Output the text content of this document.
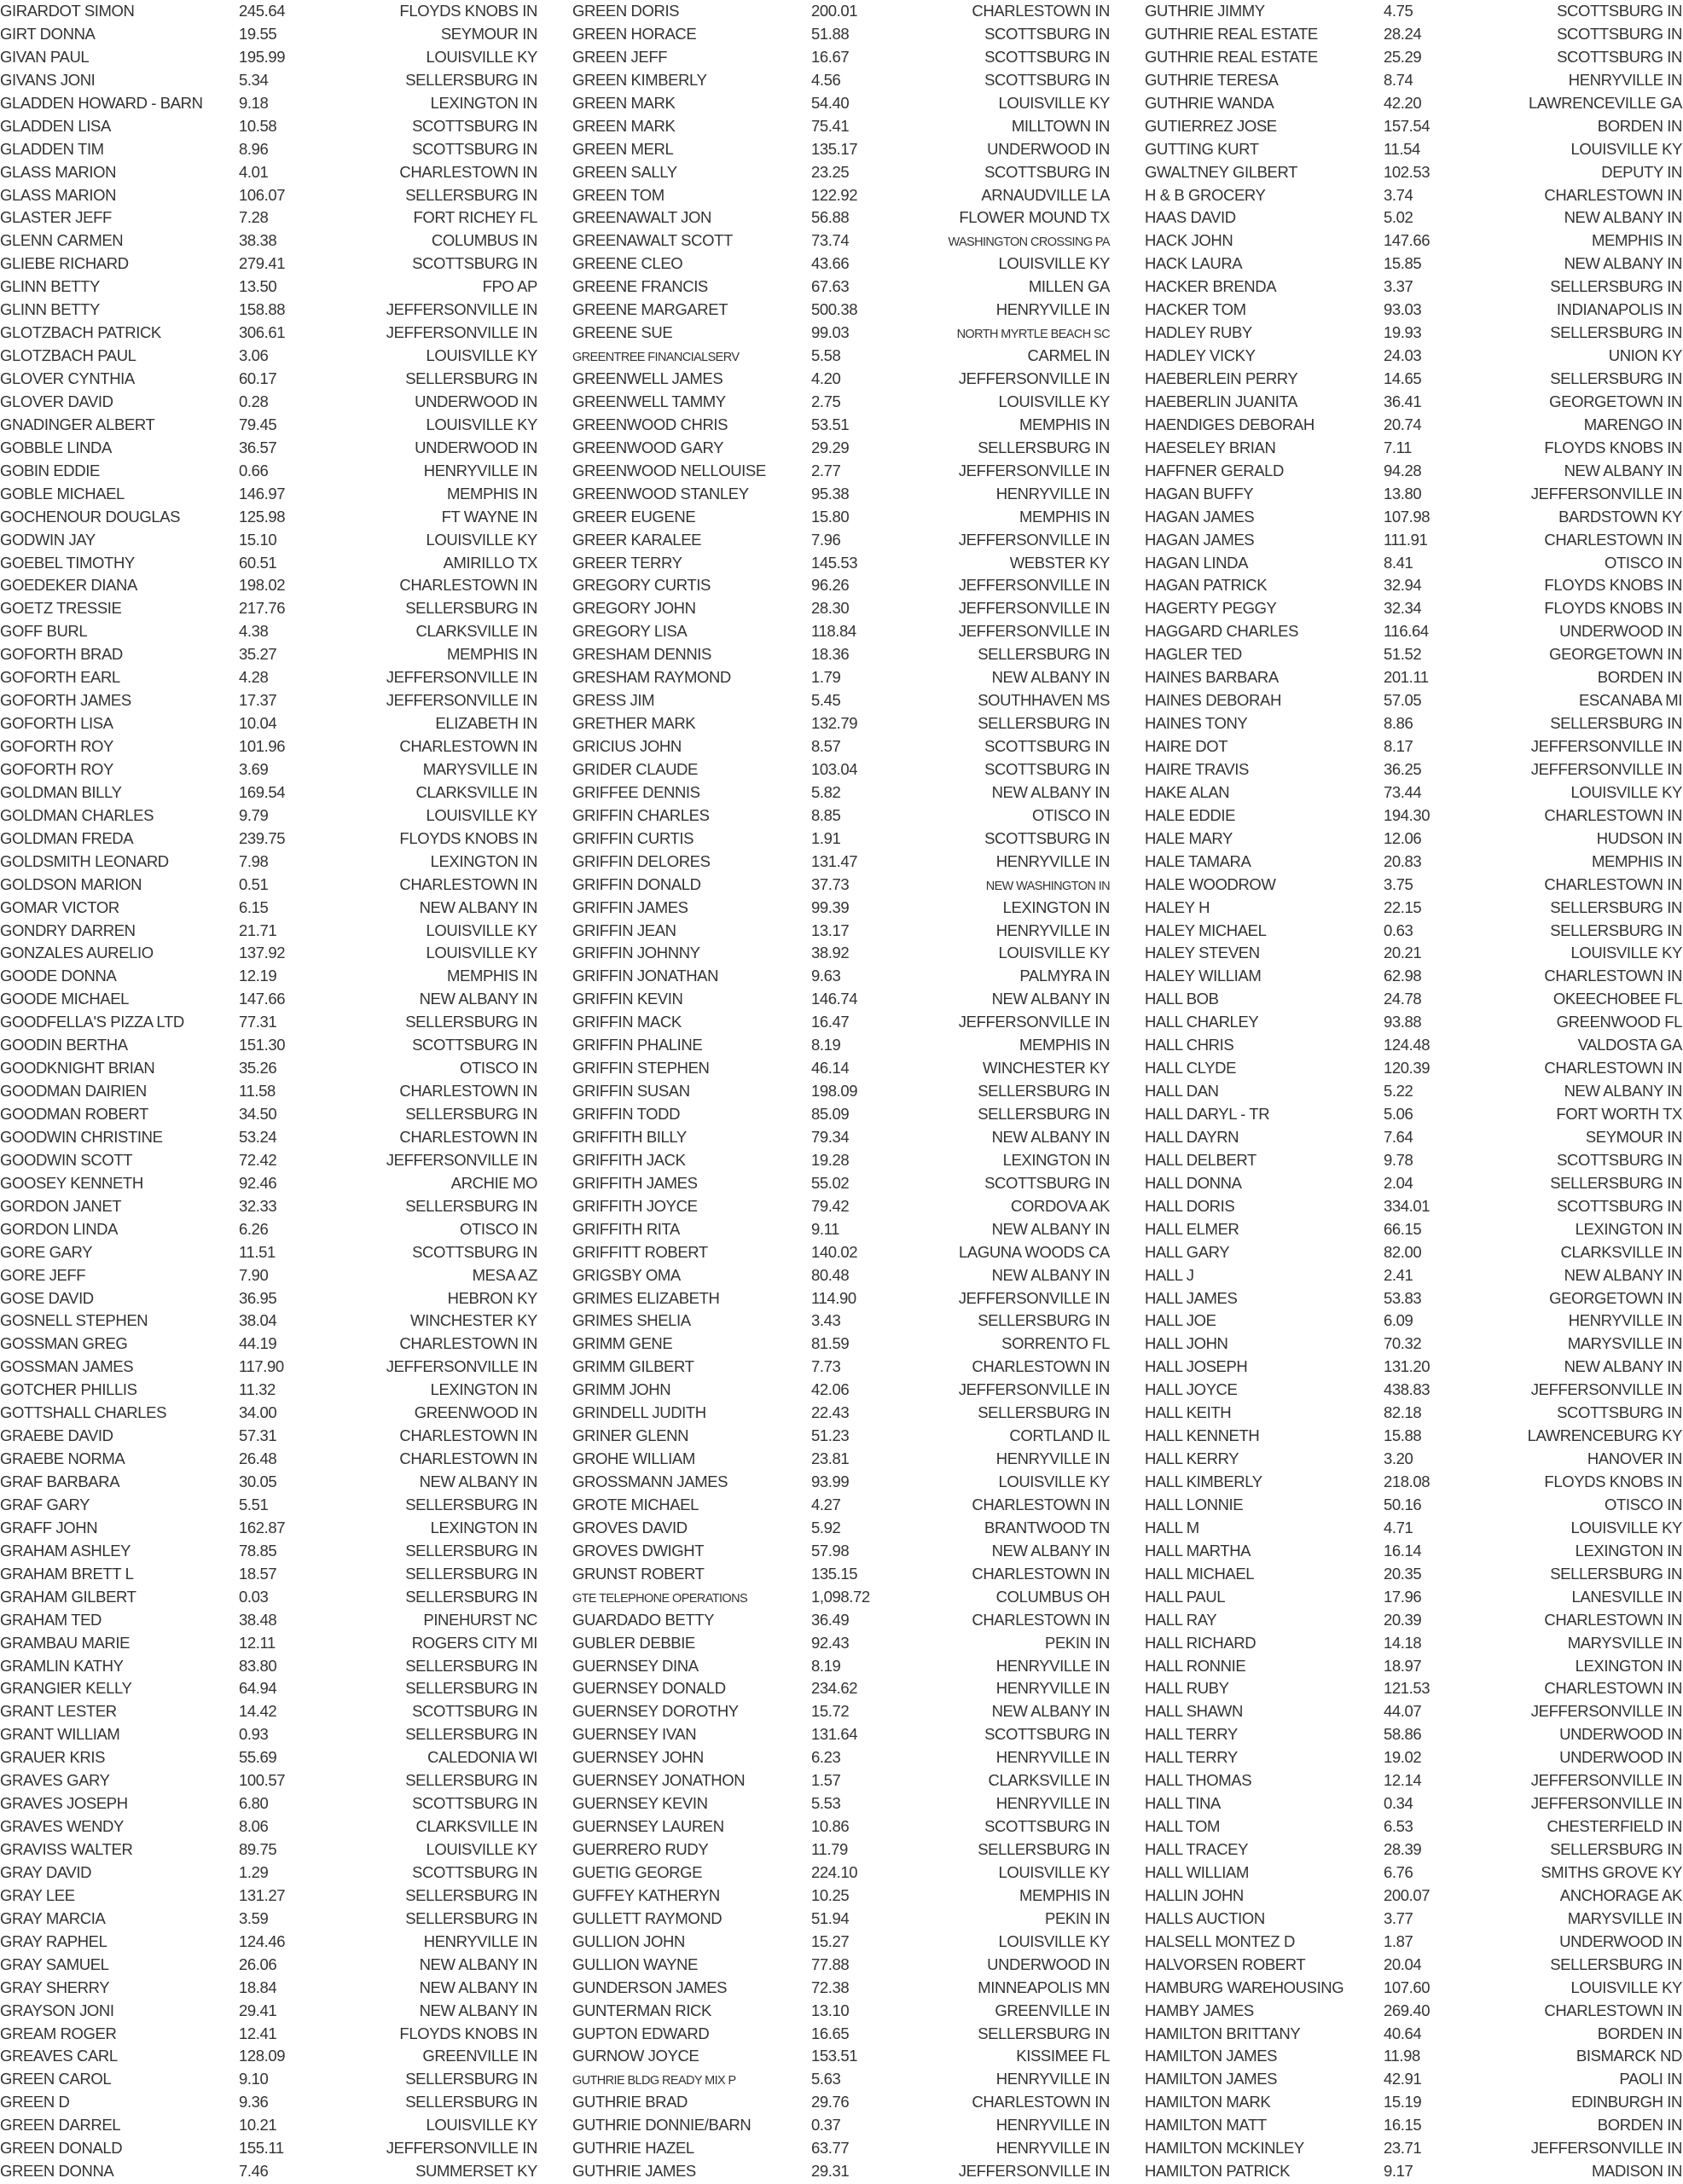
GIRARDOT SIMON	245.64	FLOYDS KNOBS IN
GIRT DONNA	19.55	SEYMOUR IN
GIVAN PAUL	195.99	LOUISVILLE KY
GIVANS JONI	5.34	SELLERSBURG IN
GLADDEN HOWARD - BARN	9.18	LEXINGTON IN
GLADDEN LISA	10.58	SCOTTSBURG IN
GLADDEN TIM	8.96	SCOTTSBURG IN
GLASS MARION	4.01	CHARLESTOWN IN
GLASS MARION	106.07	SELLERSBURG IN
GLASTER JEFF	7.28	FORT RICHEY FL
GLENN CARMEN	38.38	COLUMBUS IN
GLIEBE RICHARD	279.41	SCOTTSBURG IN
GLINN BETTY	13.50	FPO AP
GLINN BETTY	158.88	JEFFERSONVILLE IN
GLOTZBACH PATRICK	306.61	JEFFERSONVILLE IN
GLOTZBACH PAUL	3.06	LOUISVILLE KY
GLOVER CYNTHIA	60.17	SELLERSBURG IN
GLOVER DAVID	0.28	UNDERWOOD IN
GNADINGER ALBERT	79.45	LOUISVILLE KY
GOBBLE LINDA	36.57	UNDERWOOD IN
GOBIN EDDIE	0.66	HENRYVILLE IN
GOBLE MICHAEL	146.97	MEMPHIS IN
GOCHENOUR DOUGLAS	125.98	FT WAYNE IN
GODWIN JAY	15.10	LOUISVILLE KY
GOEBEL TIMOTHY	60.51	AMIRILLO TX
GOEDEKER DIANA	198.02	CHARLESTOWN IN
GOETZ TRESSIE	217.76	SELLERSBURG IN
GOFF BURL	4.38	CLARKSVILLE IN
GOFORTH BRAD	35.27	MEMPHIS IN
GOFORTH EARL	4.28	JEFFERSONVILLE IN
GOFORTH JAMES	17.37	JEFFERSONVILLE IN
GOFORTH LISA	10.04	ELIZABETH IN
GOFORTH ROY	101.96	CHARLESTOWN IN
GOFORTH ROY	3.69	MARYSVILLE IN
GOLDMAN BILLY	169.54	CLARKSVILLE IN
GOLDMAN CHARLES	9.79	LOUISVILLE KY
GOLDMAN FREDA	239.75	FLOYDS KNOBS IN
GOLDSMITH LEONARD	7.98	LEXINGTON IN
GOLDSON MARION	0.51	CHARLESTOWN IN
GOMAR VICTOR	6.15	NEW ALBANY IN
GONDRY DARREN	21.71	LOUISVILLE KY
GONZALES AURELIO	137.92	LOUISVILLE KY
GOODE DONNA	12.19	MEMPHIS IN
GOODE MICHAEL	147.66	NEW ALBANY IN
GOODFELLA'S PIZZA LTD	77.31	SELLERSBURG IN
GOODIN BERTHA	151.30	SCOTTSBURG IN
GOODKNIGHT BRIAN	35.26	OTISCO IN
GOODMAN DAIRIEN	11.58	CHARLESTOWN IN
GOODMAN ROBERT	34.50	SELLERSBURG IN
GOODWIN CHRISTINE	53.24	CHARLESTOWN IN
GOODWIN SCOTT	72.42	JEFFERSONVILLE IN
GOOSEY KENNETH	92.46	ARCHIE MO
GORDON JANET	32.33	SELLERSBURG IN
GORDON LINDA	6.26	OTISCO IN
GORE GARY	11.51	SCOTTSBURG IN
GORE JEFF	7.90	MESA AZ
GOSE DAVID	36.95	HEBRON KY
GOSNELL STEPHEN	38.04	WINCHESTER KY
GOSSMAN GREG	44.19	CHARLESTOWN IN
GOSSMAN JAMES	117.90	JEFFERSONVILLE IN
GOTCHER PHILLIS	11.32	LEXINGTON IN
GOTTSHALL CHARLES	34.00	GREENWOOD IN
GRAEBE DAVID	57.31	CHARLESTOWN IN
GRAEBE NORMA	26.48	CHARLESTOWN IN
GRAF BARBARA	30.05	NEW ALBANY IN
GRAF GARY	5.51	SELLERSBURG IN
GRAFF JOHN	162.87	LEXINGTON IN
GRAHAM ASHLEY	78.85	SELLERSBURG IN
GRAHAM BRETT L	18.57	SELLERSBURG IN
GRAHAM GILBERT	0.03	SELLERSBURG IN
GRAHAM TED	38.48	PINEHURST NC
GRAMBAU MARIE	12.11	ROGERS CITY MI
GRAMLIN KATHY	83.80	SELLERSBURG IN
GRANGIER KELLY	64.94	SELLERSBURG IN
GRANT LESTER	14.42	SCOTTSBURG IN
GRANT WILLIAM	0.93	SELLERSBURG IN
GRAUER KRIS	55.69	CALEDONIA WI
GRAVES GARY	100.57	SELLERSBURG IN
GRAVES JOSEPH	6.80	SCOTTSBURG IN
GRAVES WENDY	8.06	CLARKSVILLE IN
GRAVISS WALTER	89.75	LOUISVILLE KY
GRAY DAVID	1.29	SCOTTSBURG IN
GRAY LEE	131.27	SELLERSBURG IN
GRAY MARCIA	3.59	SELLERSBURG IN
GRAY RAPHEL	124.46	HENRYVILLE IN
GRAY SAMUEL	26.06	NEW ALBANY IN
GRAY SHERRY	18.84	NEW ALBANY IN
GRAYSON JONI	29.41	NEW ALBANY IN
GREAM ROGER	12.41	FLOYDS KNOBS IN
GREAVES CARL	128.09	GREENVILLE IN
GREEN CAROL	9.10	SELLERSBURG IN
GREEN D	9.36	SELLERSBURG IN
GREEN DARREL	10.21	LOUISVILLE KY
GREEN DONALD	155.11	JEFFERSONVILLE IN
GREEN DONNA	7.46	SUMMERSET KY
GREEN DORIS	200.01	CHARLESTOWN IN
GREEN HORACE	51.88	SCOTTSBURG IN
GREEN JEFF	16.67	SCOTTSBURG IN
GREEN KIMBERLY	4.56	SCOTTSBURG IN
GREEN MARK	54.40	LOUISVILLE KY
GREEN MARK	75.41	MILLTOWN IN
GREEN MERL	135.17	UNDERWOOD IN
GREEN SALLY	23.25	SCOTTSBURG IN
GREEN TOM	122.92	ARNAUDVILLE LA
GREENAWALT JON	56.88	FLOWER MOUND TX
GREENAWALT SCOTT	73.74	WASHINGTON CROSSING PA
GREENE CLEO	43.66	LOUISVILLE KY
GREENE FRANCIS	67.63	MILLEN GA
GREENE MARGARET	500.38	HENRYVILLE IN
GREENE SUE	99.03	NORTH MYRTLE BEACH SC
GREENTREE FINANCIALSERV	5.58	CARMEL IN
GREENWELL JAMES	4.20	JEFFERSONVILLE IN
GREENWELL TAMMY	2.75	LOUISVILLE KY
GREENWOOD CHRIS	53.51	MEMPHIS IN
GREENWOOD GARY	29.29	SELLERSBURG IN
GREENWOOD NELLOUISE	2.77	JEFFERSONVILLE IN
GREENWOOD STANLEY	95.38	HENRYVILLE IN
GREER EUGENE	15.80	MEMPHIS IN
GREER KARALEE	7.96	JEFFERSONVILLE IN
GREER TERRY	145.53	WEBSTER KY
GREGORY CURTIS	96.26	JEFFERSONVILLE IN
GREGORY JOHN	28.30	JEFFERSONVILLE IN
GREGORY LISA	118.84	JEFFERSONVILLE IN
GRESHAM DENNIS	18.36	SELLERSBURG IN
GRESHAM RAYMOND	1.79	NEW ALBANY IN
GRESS JIM	5.45	SOUTHHAVEN MS
GRETHER MARK	132.79	SELLERSBURG IN
GRICIUS JOHN	8.57	SCOTTSBURG IN
GRIDER CLAUDE	103.04	SCOTTSBURG IN
GRIFFEE DENNIS	5.82	NEW ALBANY IN
GRIFFIN CHARLES	8.85	OTISCO IN
GRIFFIN CURTIS	1.91	SCOTTSBURG IN
GRIFFIN DELORES	131.47	HENRYVILLE IN
GRIFFIN DONALD	37.73	NEW WASHINGTON IN
GRIFFIN JAMES	99.39	LEXINGTON IN
GRIFFIN JEAN	13.17	HENRYVILLE IN
GRIFFIN JOHNNY	38.92	LOUISVILLE KY
GRIFFIN JONATHAN	9.63	PALMYRA IN
GRIFFIN KEVIN	146.74	NEW ALBANY IN
GRIFFIN MACK	16.47	JEFFERSONVILLE IN
GRIFFIN PHALINE	8.19	MEMPHIS IN
GRIFFIN STEPHEN	46.14	WINCHESTER KY
GRIFFIN SUSAN	198.09	SELLERSBURG IN
GRIFFIN TODD	85.09	SELLERSBURG IN
GRIFFITH BILLY	79.34	NEW ALBANY IN
GRIFFITH JACK	19.28	LEXINGTON IN
GRIFFITH JAMES	55.02	SCOTTSBURG IN
GRIFFITH JOYCE	79.42	CORDOVA AK
GRIFFITH RITA	9.11	NEW ALBANY IN
GRIFFITT ROBERT	140.02	LAGUNA WOODS CA
GRIGSBY OMA	80.48	NEW ALBANY IN
GRIMES ELIZABETH	114.90	JEFFERSONVILLE IN
GRIMES SHELIA	3.43	SELLERSBURG IN
GRIMM GENE	81.59	SORRENTO FL
GRIMM GILBERT	7.73	CHARLESTOWN IN
GRIMM JOHN	42.06	JEFFERSONVILLE IN
GRINDELL JUDITH	22.43	SELLERSBURG IN
GRINER GLENN	51.23	CORTLAND IL
GROHE WILLIAM	23.81	HENRYVILLE IN
GROSSMANN JAMES	93.99	LOUISVILLE KY
GROTE MICHAEL	4.27	CHARLESTOWN IN
GROVES DAVID	5.92	BRANTWOOD TN
GROVES DWIGHT	57.98	NEW ALBANY IN
GRUNST ROBERT	135.15	CHARLESTOWN IN
GTE TELEPHONE OPERATIONS	1,098.72	COLUMBUS OH
GUARDADO BETTY	36.49	CHARLESTOWN IN
GUBLER DEBBIE	92.43	PEKIN IN
GUERNSEY DINA	8.19	HENRYVILLE IN
GUERNSEY DONALD	234.62	HENRYVILLE IN
GUERNSEY DOROTHY	15.72	NEW ALBANY IN
GUERNSEY IVAN	131.64	SCOTTSBURG IN
GUERNSEY JOHN	6.23	HENRYVILLE IN
GUERNSEY JONATHON	1.57	CLARKSVILLE IN
GUERNSEY KEVIN	5.53	HENRYVILLE IN
GUERNSEY LAUREN	10.86	SCOTTSBURG IN
GUERRERO RUDY	11.79	SELLERSBURG IN
GUETIG GEORGE	224.10	LOUISVILLE KY
GUFFEY KATHERYN	10.25	MEMPHIS IN
GULLETT RAYMOND	51.94	PEKIN IN
GULLION JOHN	15.27	LOUISVILLE KY
GULLION WAYNE	77.88	UNDERWOOD IN
GUNDERSON JAMES	72.38	MINNEAPOLIS MN
GUNTERMAN RICK	13.10	GREENVILLE IN
GUPTON EDWARD	16.65	SELLERSBURG IN
GURNOW JOYCE	153.51	KISSIMEE FL
GUTHRIE BLDG READY MIX P	5.63	HENRYVILLE IN
GUTHRIE BRAD	29.76	CHARLESTOWN IN
GUTHRIE DONNIE/BARN	0.37	HENRYVILLE IN
GUTHRIE HAZEL	63.77	HENRYVILLE IN
GUTHRIE JAMES	29.31	JEFFERSONVILLE IN
GUTHRIE JIMMY	4.75	SCOTTSBURG IN
GUTHRIE REAL ESTATE	28.24	SCOTTSBURG IN
GUTHRIE REAL ESTATE	25.29	SCOTTSBURG IN
GUTHRIE TERESA	8.74	HENRYVILLE IN
GUTHRIE WANDA	42.20	LAWRENCEVILLE GA
GUTIERREZ JOSE	157.54	BORDEN IN
GUTTING KURT	11.54	LOUISVILLE KY
GWALTNEY GILBERT	102.53	DEPUTY IN
H & B GROCERY	3.74	CHARLESTOWN IN
HAAS DAVID	5.02	NEW ALBANY IN
HACK JOHN	147.66	MEMPHIS IN
HACK LAURA	15.85	NEW ALBANY IN
HACKER BRENDA	3.37	SELLERSBURG IN
HACKER TOM	93.03	INDIANAPOLIS IN
HADLEY RUBY	19.93	SELLERSBURG IN
HADLEY VICKY	24.03	UNION KY
HAEBERLEIN PERRY	14.65	SELLERSBURG IN
HAEBERLIN JUANITA	36.41	GEORGETOWN IN
HAENDIGES DEBORAH	20.74	MARENGO IN
HAESELEY BRIAN	7.11	FLOYDS KNOBS IN
HAFFNER GERALD	94.28	NEW ALBANY IN
HAGAN BUFFY	13.80	JEFFERSONVILLE IN
HAGAN JAMES	107.98	BARDSTOWN KY
HAGAN JAMES	111.91	CHARLESTOWN IN
HAGAN LINDA	8.41	OTISCO IN
HAGAN PATRICK	32.94	FLOYDS KNOBS IN
HAGERTY PEGGY	32.34	FLOYDS KNOBS IN
HAGGARD CHARLES	116.64	UNDERWOOD IN
HAGLER TED	51.52	GEORGETOWN IN
HAINES BARBARA	201.11	BORDEN IN
HAINES DEBORAH	57.05	ESCANABA MI
HAINES TONY	8.86	SELLERSBURG IN
HAIRE DOT	8.17	JEFFERSONVILLE IN
HAIRE TRAVIS	36.25	JEFFERSONVILLE IN
HAKE ALAN	73.44	LOUISVILLE KY
HALE EDDIE	194.30	CHARLESTOWN IN
HALE MARY	12.06	HUDSON IN
HALE TAMARA	20.83	MEMPHIS IN
HALE WOODROW	3.75	CHARLESTOWN IN
HALEY H	22.15	SELLERSBURG IN
HALEY MICHAEL	0.63	SELLERSBURG IN
HALEY STEVEN	20.21	LOUISVILLE KY
HALEY WILLIAM	62.98	CHARLESTOWN IN
HALL BOB	24.78	OKEECHOBEE FL
HALL CHARLEY	93.88	GREENWOOD FL
HALL CHRIS	124.48	VALDOSTA GA
HALL CLYDE	120.39	CHARLESTOWN IN
HALL DAN	5.22	NEW ALBANY IN
HALL DARYL - TR	5.06	FORT WORTH TX
HALL DAYRN	7.64	SEYMOUR IN
HALL DELBERT	9.78	SCOTTSBURG IN
HALL DONNA	2.04	SELLERSBURG IN
HALL DORIS	334.01	SCOTTSBURG IN
HALL ELMER	66.15	LEXINGTON IN
HALL GARY	82.00	CLARKSVILLE IN
HALL J	2.41	NEW ALBANY IN
HALL JAMES	53.83	GEORGETOWN IN
HALL JOE	6.09	HENRYVILLE IN
HALL JOHN	70.32	MARYSVILLE IN
HALL JOSEPH	131.20	NEW ALBANY IN
HALL JOYCE	438.83	JEFFERSONVILLE IN
HALL KEITH	82.18	SCOTTSBURG IN
HALL KENNETH	15.88	LAWRENCEBURG KY
HALL KERRY	3.20	HANOVER IN
HALL KIMBERLY	218.08	FLOYDS KNOBS IN
HALL LONNIE	50.16	OTISCO IN
HALL M	4.71	LOUISVILLE KY
HALL MARTHA	16.14	LEXINGTON IN
HALL MICHAEL	20.35	SELLERSBURG IN
HALL PAUL	17.96	LANESVILLE IN
HALL RAY	20.39	CHARLESTOWN IN
HALL RICHARD	14.18	MARYSVILLE IN
HALL RONNIE	18.97	LEXINGTON IN
HALL RUBY	121.53	CHARLESTOWN IN
HALL SHAWN	44.07	JEFFERSONVILLE IN
HALL TERRY	58.86	UNDERWOOD IN
HALL TERRY	19.02	UNDERWOOD IN
HALL THOMAS	12.14	JEFFERSONVILLE IN
HALL TINA	0.34	JEFFERSONVILLE IN
HALL TOM	6.53	CHESTERFIELD IN
HALL TRACEY	28.39	SELLERSBURG IN
HALL WILLIAM	6.76	SMITHS GROVE KY
HALLIN JOHN	200.07	ANCHORAGE AK
HALLS AUCTION	3.77	MARYSVILLE IN
HALSELL MONTEZ D	1.87	UNDERWOOD IN
HALVORSEN ROBERT	20.04	SELLERSBURG IN
HAMBURG WAREHOUSING	107.60	LOUISVILLE KY
HAMBY JAMES	269.40	CHARLESTOWN IN
HAMILTON BRITTANY	40.64	BORDEN IN
HAMILTON JAMES	11.98	BISMARCK ND
HAMILTON JAMES	42.91	PAOLI IN
HAMILTON MARK	15.19	EDINBURGH IN
HAMILTON MATT	16.15	BORDEN IN
HAMILTON MCKINLEY	23.71	JEFFERSONVILLE IN
HAMILTON PATRICK	9.17	MADISON IN
